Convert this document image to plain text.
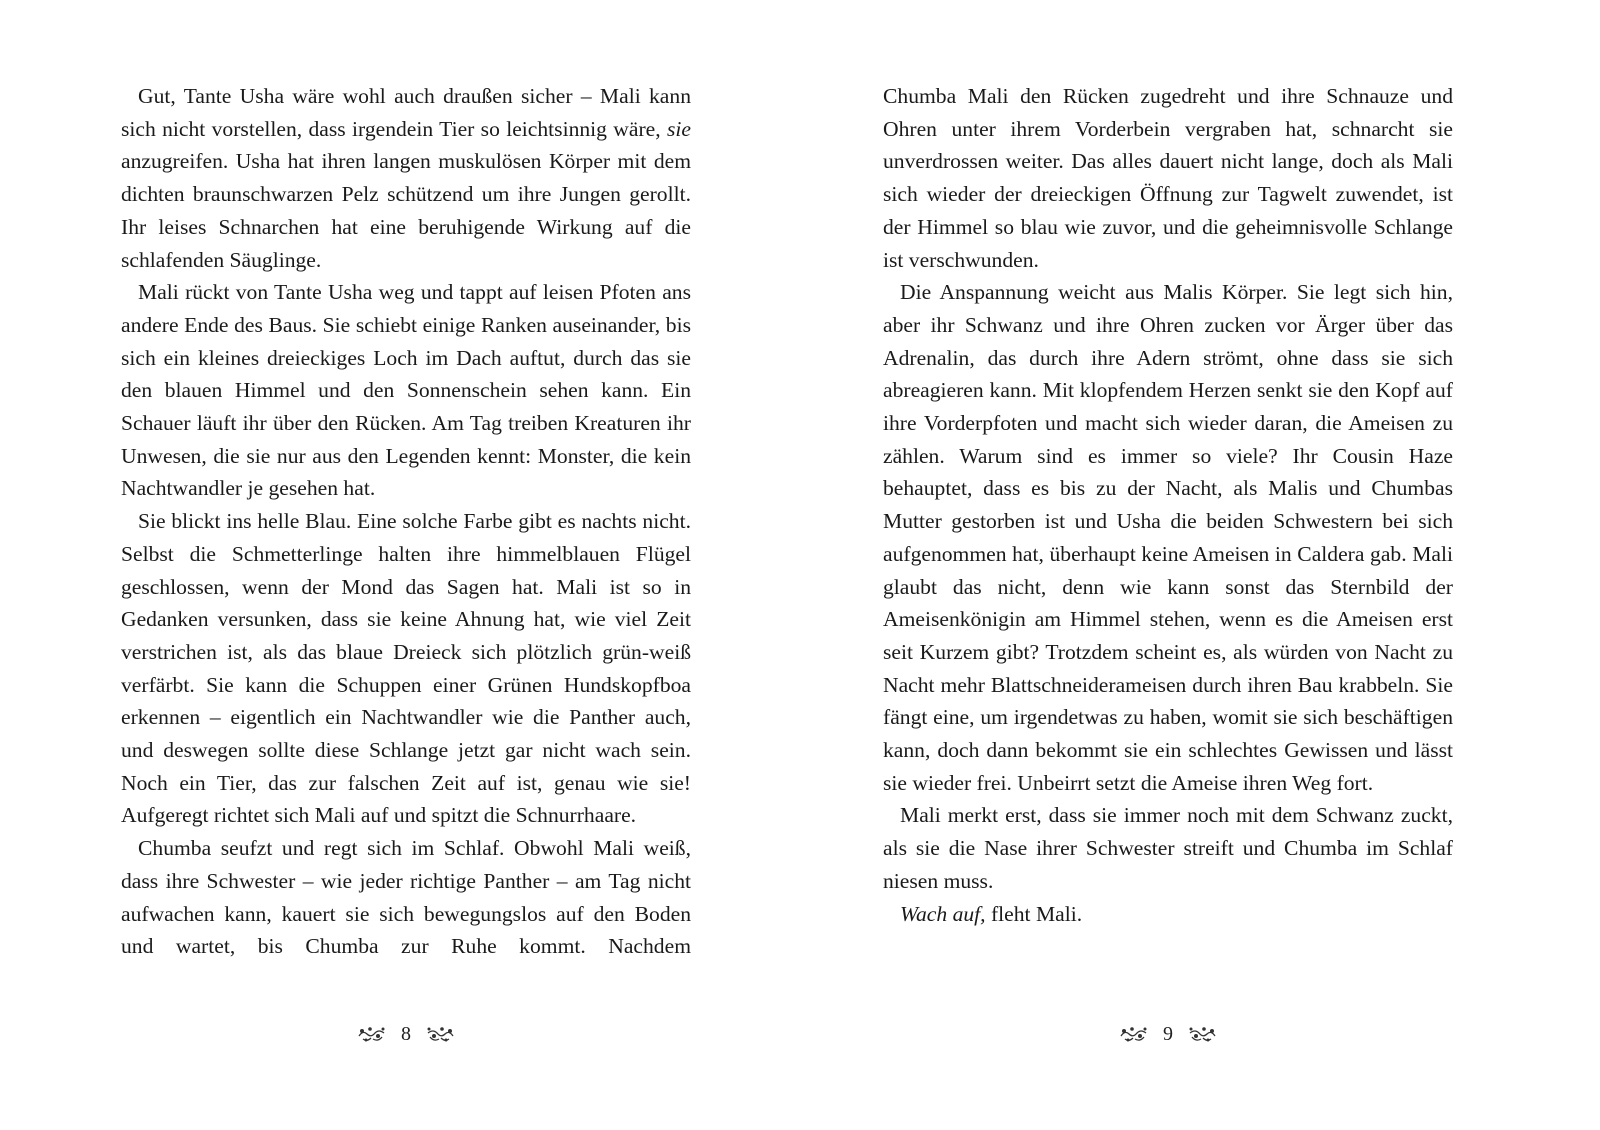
Gut, Tante Usha wäre wohl auch draußen sicher – Mali kann sich nicht vorstellen, dass irgendein Tier so leichtsinnig wäre, sie anzugreifen. Usha hat ihren langen muskulösen Körper mit dem dichten braunschwarzen Pelz schützend um ihre Jungen gerollt. Ihr leises Schnarchen hat eine beruhigende Wirkung auf die schlafenden Säuglinge.

Mali rückt von Tante Usha weg und tappt auf leisen Pfoten ans andere Ende des Baus. Sie schiebt einige Ranken auseinander, bis sich ein kleines dreieckiges Loch im Dach auftut, durch das sie den blauen Himmel und den Sonnenschein sehen kann. Ein Schauer läuft ihr über den Rücken. Am Tag treiben Kreaturen ihr Unwesen, die sie nur aus den Legenden kennt: Monster, die kein Nachtwandler je gesehen hat.

Sie blickt ins helle Blau. Eine solche Farbe gibt es nachts nicht. Selbst die Schmetterlinge halten ihre himmelblauen Flügel geschlossen, wenn der Mond das Sagen hat. Mali ist so in Gedanken versunken, dass sie keine Ahnung hat, wie viel Zeit verstrichen ist, als das blaue Dreieck sich plötzlich grün-weiß verfärbt. Sie kann die Schuppen einer Grünen Hundskopfboa erkennen – eigentlich ein Nachtwandler wie die Panther auch, und deswegen sollte diese Schlange jetzt gar nicht wach sein. Noch ein Tier, das zur falschen Zeit auf ist, genau wie sie! Aufgeregt richtet sich Mali auf und spitzt die Schnurrhaare.

Chumba seufzt und regt sich im Schlaf. Obwohl Mali weiß, dass ihre Schwester – wie jeder richtige Panther – am Tag nicht aufwachen kann, kauert sie sich bewegungslos auf den Boden und wartet, bis Chumba zur Ruhe kommt. Nachdem

Chumba Mali den Rücken zugedreht und ihre Schnauze und Ohren unter ihrem Vorderbein vergraben hat, schnarcht sie unverdrossen weiter. Das alles dauert nicht lange, doch als Mali sich wieder der dreieckigen Öffnung zur Tagwelt zuwendet, ist der Himmel so blau wie zuvor, und die geheimnisvolle Schlange ist verschwunden.

Die Anspannung weicht aus Malis Körper. Sie legt sich hin, aber ihr Schwanz und ihre Ohren zucken vor Ärger über das Adrenalin, das durch ihre Adern strömt, ohne dass sie sich abreagieren kann. Mit klopfendem Herzen senkt sie den Kopf auf ihre Vorderpfoten und macht sich wieder daran, die Ameisen zu zählen. Warum sind es immer so viele? Ihr Cousin Haze behauptet, dass es bis zu der Nacht, als Malis und Chumbas Mutter gestorben ist und Usha die beiden Schwestern bei sich aufgenommen hat, überhaupt keine Ameisen in Caldera gab. Mali glaubt das nicht, denn wie kann sonst das Sternbild der Ameisenkönigin am Himmel stehen, wenn es die Ameisen erst seit Kurzem gibt? Trotzdem scheint es, als würden von Nacht zu Nacht mehr Blattschneiderameisen durch ihren Bau krabbeln. Sie fängt eine, um irgendetwas zu haben, womit sie sich beschäftigen kann, doch dann bekommt sie ein schlechtes Gewissen und lässt sie wieder frei. Unbeirrt setzt die Ameise ihren Weg fort.

Mali merkt erst, dass sie immer noch mit dem Schwanz zuckt, als sie die Nase ihrer Schwester streift und Chumba im Schlaf niesen muss.

Wach auf, fleht Mali.

8	9
